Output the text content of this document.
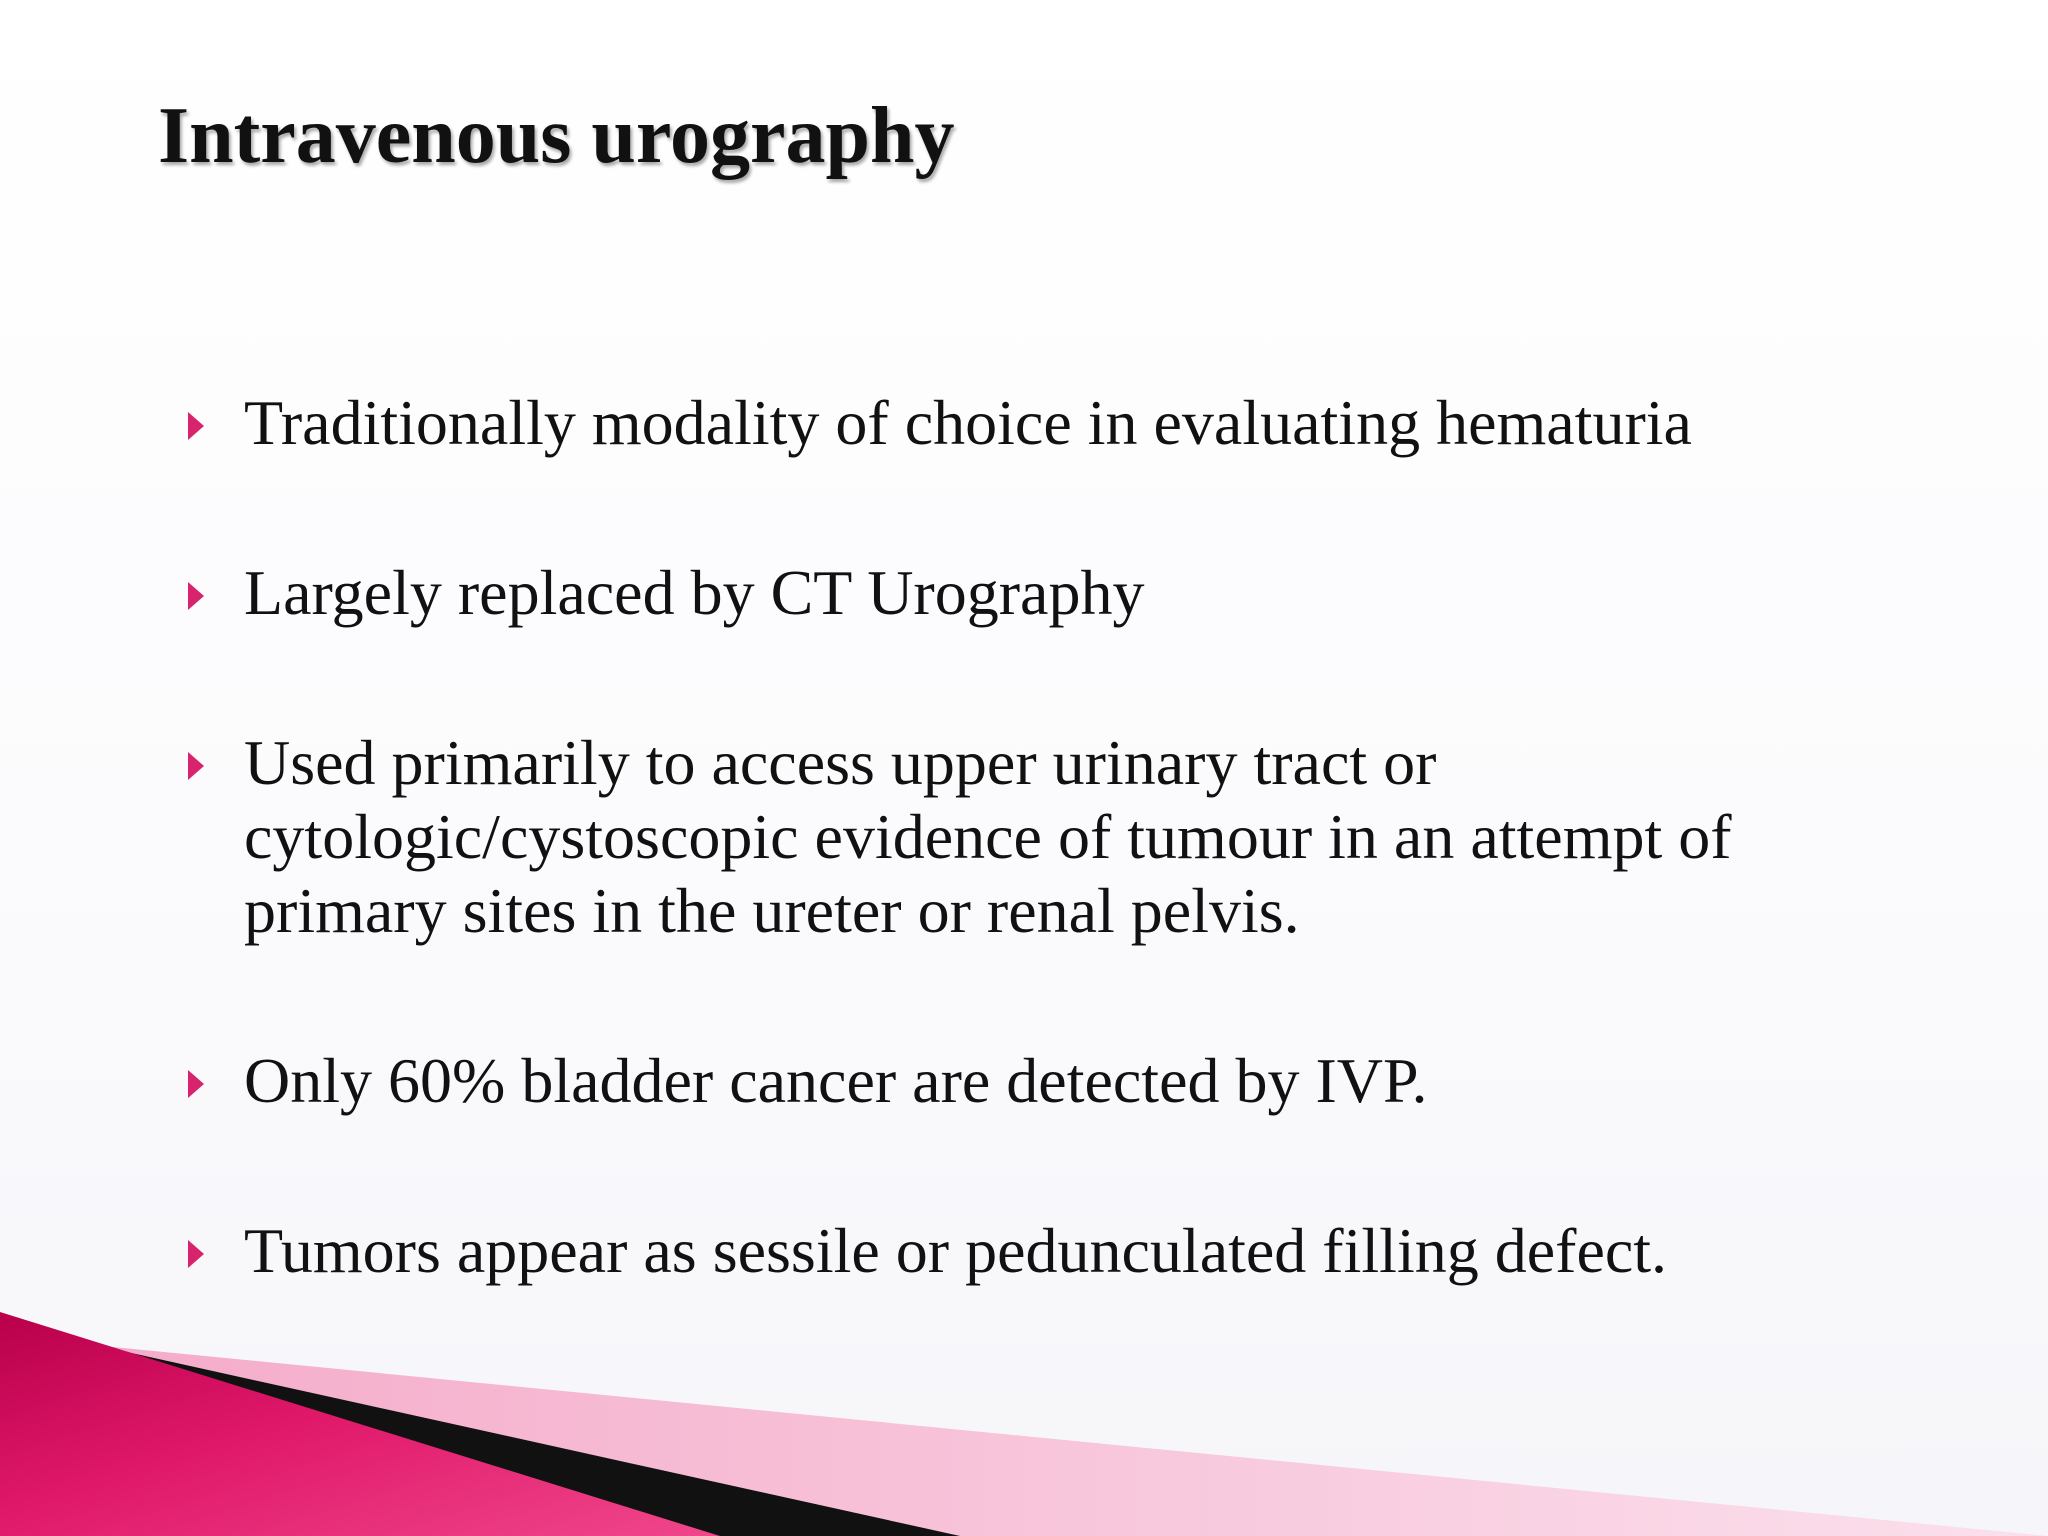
Intravenous urography
Traditionally modality of choice in evaluating hematuria
Largely replaced by CT Urography
Used primarily to access upper urinary tract or cytologic/cystoscopic evidence of tumour in an attempt of primary sites in the ureter or renal pelvis.
Only 60% bladder cancer are detected by IVP.
Tumors appear as sessile or pedunculated filling defect.
